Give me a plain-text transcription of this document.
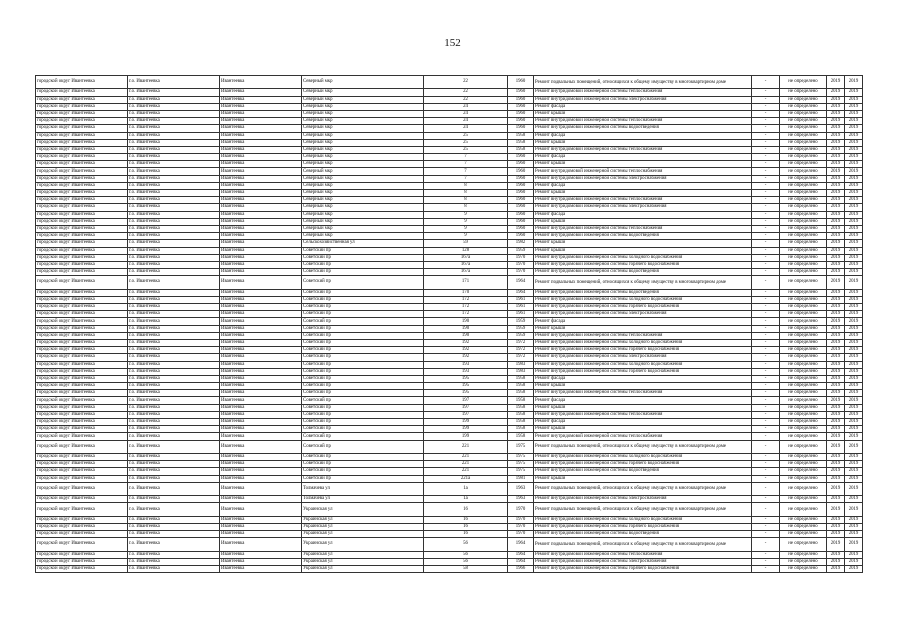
152
городской округ Ивантеевка	г.о. Ивантеевка	Ивантеевка	Северный мкр	22	1960	Ремонт подвальных помещений, относящихся к общему имуществу в многоквартирном доме	-	не определено	2019	2019
городской округ Ивантеевка	г.о. Ивантеевка	Ивантеевка	Северный мкр	22	1960	Ремонт внутридомовой инженерной системы теплоснабжения	-	не определено	2019	2019
городской округ Ивантеевка	г.о. Ивантеевка	Ивантеевка	Северный мкр	22	1960	Ремонт внутридомовой инженерной системы электроснабжения	-	не определено	2019	2019
городской округ Ивантеевка	г.о. Ивантеевка	Ивантеевка	Северный мкр	24	1960	Ремонт фасада	-	не определено	2019	2019
городской округ Ивантеевка	г.о. Ивантеевка	Ивантеевка	Северный мкр	24	1960	Ремонт крыши	-	не определено	2019	2019
городской округ Ивантеевка	г.о. Ивантеевка	Ивантеевка	Северный мкр	24	1960	Ремонт внутридомовой инженерной системы теплоснабжения	-	не определено	2019	2019
городской округ Ивантеевка	г.о. Ивантеевка	Ивантеевка	Северный мкр	24	1960	Ремонт внутридомовой инженерной системы водоотведения	-	не определено	2019	2019
городской округ Ивантеевка	г.о. Ивантеевка	Ивантеевка	Северный мкр	25	1958	Ремонт фасада	-	не определено	2019	2019
городской округ Ивантеевка	г.о. Ивантеевка	Ивантеевка	Северный мкр	25	1958	Ремонт крыши	-	не определено	2019	2019
городской округ Ивантеевка	г.о. Ивантеевка	Ивантеевка	Северный мкр	25	1958	Ремонт внутридомовой инженерной системы теплоснабжения	-	не определено	2019	2019
городской округ Ивантеевка	г.о. Ивантеевка	Ивантеевка	Северный мкр	7	1960	Ремонт фасада	-	не определено	2019	2019
городской округ Ивантеевка	г.о. Ивантеевка	Ивантеевка	Северный мкр	7	1960	Ремонт крыши	-	не определено	2019	2019
городской округ Ивантеевка	г.о. Ивантеевка	Ивантеевка	Северный мкр	7	1960	Ремонт внутридомовой инженерной системы теплоснабжения	-	не определено	2019	2019
городской округ Ивантеевка	г.о. Ивантеевка	Ивантеевка	Северный мкр	7	1960	Ремонт внутридомовой инженерной системы электроснабжения	-	не определено	2019	2019
городской округ Ивантеевка	г.о. Ивантеевка	Ивантеевка	Северный мкр	8	1960	Ремонт фасада	-	не определено	2019	2019
городской округ Ивантеевка	г.о. Ивантеевка	Ивантеевка	Северный мкр	8	1960	Ремонт крыши	-	не определено	2019	2019
городской округ Ивантеевка	г.о. Ивантеевка	Ивантеевка	Северный мкр	8	1960	Ремонт внутридомовой инженерной системы теплоснабжения	-	не определено	2019	2019
городской округ Ивантеевка	г.о. Ивантеевка	Ивантеевка	Северный мкр	8	1960	Ремонт внутридомовой инженерной системы электроснабжения	-	не определено	2019	2019
городской округ Ивантеевка	г.о. Ивантеевка	Ивантеевка	Северный мкр	9	1960	Ремонт фасада	-	не определено	2019	2019
городской округ Ивантеевка	г.о. Ивантеевка	Ивантеевка	Северный мкр	9	1960	Ремонт крыши	-	не определено	2019	2019
городской округ Ивантеевка	г.о. Ивантеевка	Ивантеевка	Северный мкр	9	1960	Ремонт внутридомовой инженерной системы теплоснабжения	-	не определено	2019	2019
городской округ Ивантеевка	г.о. Ивантеевка	Ивантеевка	Северный мкр	9	1960	Ремонт внутридомовой инженерной системы водоотведения	-	не определено	2019	2019
городской округ Ивантеевка	г.о. Ивантеевка	Ивантеевка	Сельскохозяйственная ул	59	1982	Ремонт крыши	-	не определено	2019	2019
городской округ Ивантеевка	г.о. Ивантеевка	Ивантеевка	Советский пр	128	1959	Ремонт крыши	-	не определено	2019	2019
городской округ Ивантеевка	г.о. Ивантеевка	Ивантеевка	Советский пр	167а	1970	Ремонт внутридомовой инженерной системы холодного водоснабжения	-	не определено	2019	2019
городской округ Ивантеевка	г.о. Ивантеевка	Ивантеевка	Советский пр	167а	1970	Ремонт внутридомовой инженерной системы горячего водоснабжения	-	не определено	2019	2019
городской округ Ивантеевка	г.о. Ивантеевка	Ивантеевка	Советский пр	167а	1970	Ремонт внутридомовой инженерной системы водоотведения	-	не определено	2019	2019
городской округ Ивантеевка	г.о. Ивантеевка	Ивантеевка	Советский пр	171	1964	Ремонт подвальных помещений, относящихся к общему имуществу в многоквартирном доме	-	не определено	2019	2019
городской округ Ивантеевка	г.о. Ивантеевка	Ивантеевка	Советский пр	170	1964	Ремонт внутридомовой инженерной системы водоотведения	-	не определено	2019	2019
городской округ Ивантеевка	г.о. Ивантеевка	Ивантеевка	Советский пр	172	1961	Ремонт внутридомовой инженерной системы холодного водоснабжения	-	не определено	2019	2019
городской округ Ивантеевка	г.о. Ивантеевка	Ивантеевка	Советский пр	172	1961	Ремонт внутридомовой инженерной системы горячего водоснабжения	-	не определено	2019	2019
городской округ Ивантеевка	г.о. Ивантеевка	Ивантеевка	Советский пр	172	1961	Ремонт внутридомовой инженерной системы электроснабжения	-	не определено	2019	2019
городской округ Ивантеевка	г.о. Ивантеевка	Ивантеевка	Советский пр	190	1959	Ремонт фасада	-	не определено	2019	2019
городской округ Ивантеевка	г.о. Ивантеевка	Ивантеевка	Советский пр	190	1959	Ремонт крыши	-	не определено	2019	2019
городской округ Ивантеевка	г.о. Ивантеевка	Ивантеевка	Советский пр	190	1959	Ремонт внутридомовой инженерной системы теплоснабжения	-	не определено	2019	2019
городской округ Ивантеевка	г.о. Ивантеевка	Ивантеевка	Советский пр	192	1972	Ремонт внутридомовой инженерной системы холодного водоснабжения	-	не определено	2019	2019
городской округ Ивантеевка	г.о. Ивантеевка	Ивантеевка	Советский пр	192	1972	Ремонт внутридомовой инженерной системы горячего водоснабжения	-	не определено	2019	2019
городской округ Ивантеевка	г.о. Ивантеевка	Ивантеевка	Советский пр	192	1972	Ремонт внутридомовой инженерной системы электроснабжения	-	не определено	2019	2019
городской округ Ивантеевка	г.о. Ивантеевка	Ивантеевка	Советский пр	193	1983	Ремонт внутридомовой инженерной системы холодного водоснабжения	-	не определено	2019	2019
городской округ Ивантеевка	г.о. Ивантеевка	Ивантеевка	Советский пр	193	1983	Ремонт внутридомовой инженерной системы горячего водоснабжения	-	не определено	2019	2019
городской округ Ивантеевка	г.о. Ивантеевка	Ивантеевка	Советский пр	195	1958	Ремонт фасада	-	не определено	2019	2019
городской округ Ивантеевка	г.о. Ивантеевка	Ивантеевка	Советский пр	195	1958	Ремонт крыши	-	не определено	2019	2019
городской округ Ивантеевка	г.о. Ивантеевка	Ивантеевка	Советский пр	195	1958	Ремонт внутридомовой инженерной системы теплоснабжения	-	не определено	2019	2019
городской округ Ивантеевка	г.о. Ивантеевка	Ивантеевка	Советский пр	197	1958	Ремонт фасада	-	не определено	2019	2019
городской округ Ивантеевка	г.о. Ивантеевка	Ивантеевка	Советский пр	197	1958	Ремонт крыши	-	не определено	2019	2019
городской округ Ивантеевка	г.о. Ивантеевка	Ивантеевка	Советский пр	197	1958	Ремонт внутридомовой инженерной системы теплоснабжения	-	не определено	2019	2019
городской округ Ивантеевка	г.о. Ивантеевка	Ивантеевка	Советский пр	199	1958	Ремонт фасада	-	не определено	2019	2019
городской округ Ивантеевка	г.о. Ивантеевка	Ивантеевка	Советский пр	199	1958	Ремонт крыши	-	не определено	2019	2019
городской округ Ивантеевка	г.о. Ивантеевка	Ивантеевка	Советский пр	199	1958	Ремонт внутридомовой инженерной системы теплоснабжения	-	не определено	2019	2019
городской округ Ивантеевка	г.о. Ивантеевка	Ивантеевка	Советский пр	221	1975	Ремонт подвальных помещений, относящихся к общему имуществу в многоквартирном доме	-	не определено	2019	2019
городской округ Ивантеевка	г.о. Ивантеевка	Ивантеевка	Советский пр	221	1975	Ремонт внутридомовой инженерной системы холодного водоснабжения	-	не определено	2019	2019
городской округ Ивантеевка	г.о. Ивантеевка	Ивантеевка	Советский пр	221	1975	Ремонт внутридомовой инженерной системы горячего водоснабжения	-	не определено	2019	2019
городской округ Ивантеевка	г.о. Ивантеевка	Ивантеевка	Советский пр	221	1975	Ремонт внутридомовой инженерной системы водоотведения	-	не определено	2019	2019
городской округ Ивантеевка	г.о. Ивантеевка	Ивантеевка	Советский пр	221а	1981	Ремонт крыши	-	не определено	2019	2019
городской округ Ивантеевка	г.о. Ивантеевка	Ивантеевка	Толмачева ул	1а	1963	Ремонт подвальных помещений, относящихся к общему имуществу в многоквартирном доме	-	не определено	2019	2019
городской округ Ивантеевка	г.о. Ивантеевка	Ивантеевка	Толмачева ул	1а	1963	Ремонт внутридомовой инженерной системы электроснабжения	-	не определено	2019	2019
городской округ Ивантеевка	г.о. Ивантеевка	Ивантеевка	Украинская ул	16	1970	Ремонт подвальных помещений, относящихся к общему имуществу в многоквартирном доме	-	не определено	2019	2019
городской округ Ивантеевка	г.о. Ивантеевка	Ивантеевка	Украинская ул	16	1970	Ремонт внутридомовой инженерной системы холодного водоснабжения	-	не определено	2019	2019
городской округ Ивантеевка	г.о. Ивантеевка	Ивантеевка	Украинская ул	16	1970	Ремонт внутридомовой инженерной системы горячего водоснабжения	-	не определено	2019	2019
городской округ Ивантеевка	г.о. Ивантеевка	Ивантеевка	Украинская ул	16	1970	Ремонт внутридомовой инженерной системы водоотведения	-	не определено	2019	2019
городской округ Ивантеевка	г.о. Ивантеевка	Ивантеевка	Украинская ул	56	1964	Ремонт подвальных помещений, относящихся к общему имуществу в многоквартирном доме	-	не определено	2019	2019
городской округ Ивантеевка	г.о. Ивантеевка	Ивантеевка	Украинская ул	56	1964	Ремонт внутридомовой инженерной системы теплоснабжения	-	не определено	2019	2019
городской округ Ивантеевка	г.о. Ивантеевка	Ивантеевка	Украинская ул	56	1964	Ремонт внутридомовой инженерной системы электроснабжения	-	не определено	2019	2019
городской округ Ивантеевка	г.о. Ивантеевка	Ивантеевка	Украинская ул	58	1966	Ремонт внутридомовой инженерной системы горячего водоснабжения	-	не определено	2019	2019
